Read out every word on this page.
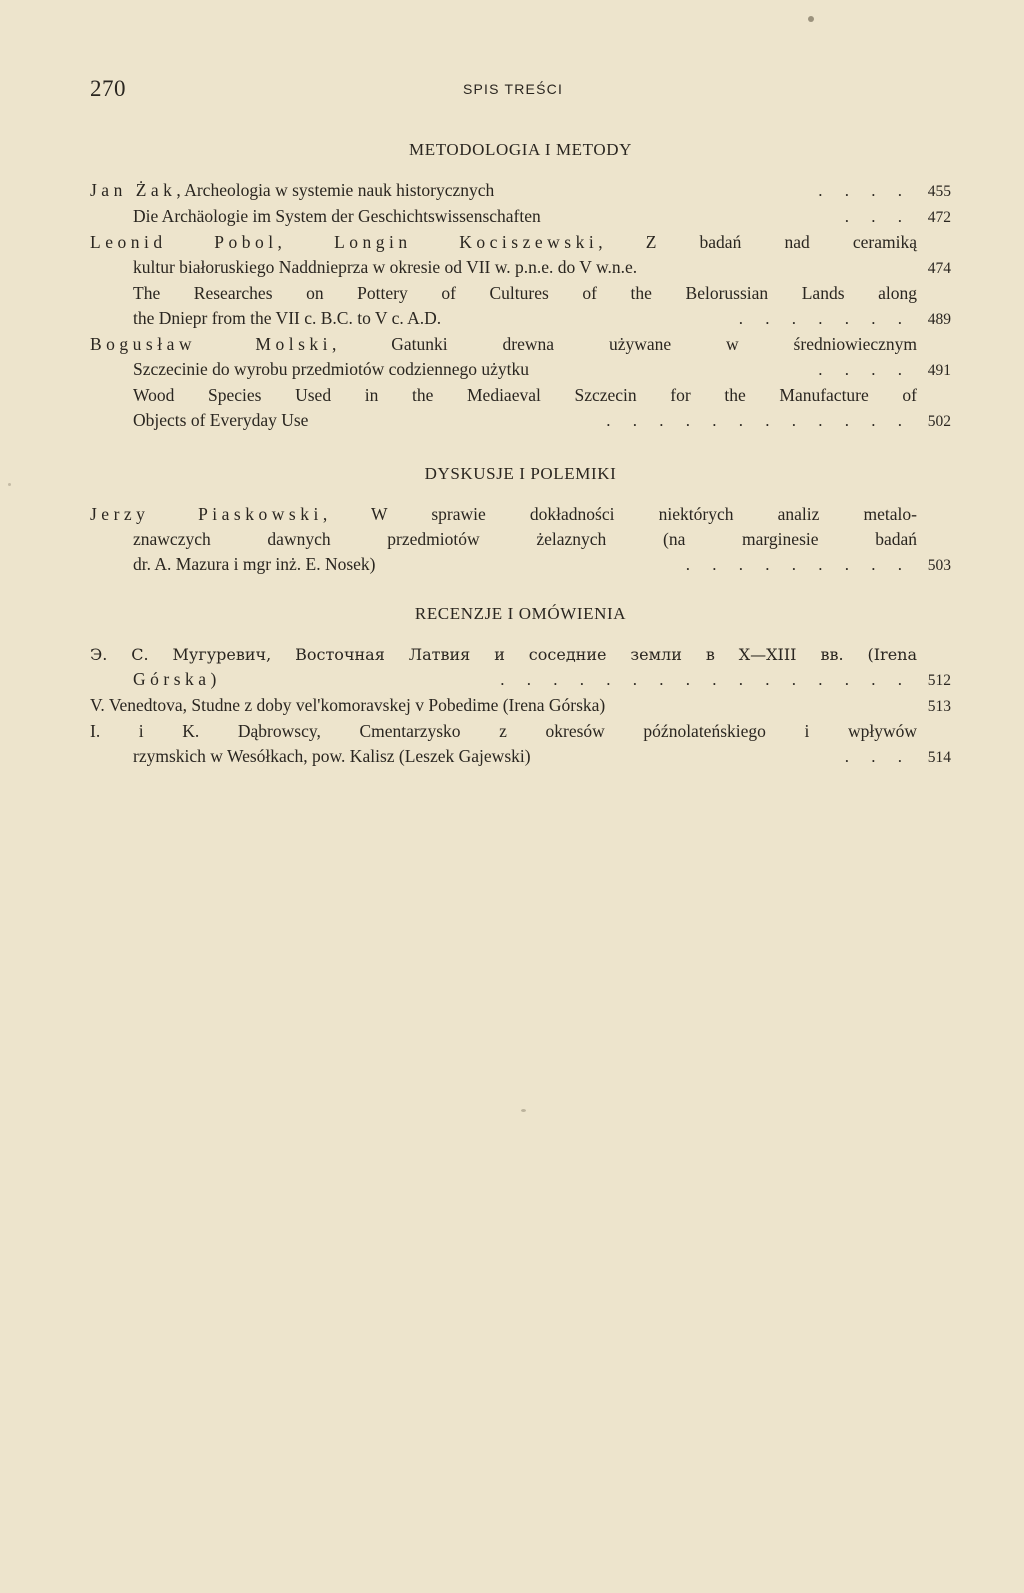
270	SPIS TREŚCI
METODOLOGIA I METODY
Jan Żak, Archeologia w systemie nauk historycznych	. . . .	455
Die Archäologie im System der Geschichtswissenschaften	. . .	472
Leonid Pobol, Longin Kociszewski, Z badań nad ceramiką
kultur białoruskiego Naddnieprza w okresie od VII w. p.n.e. do V w.n.e.	474
The Researches on Pottery of Cultures of the Belorussian Lands along
the Dniepr from the VII c. B.C. to V c. A.D.	. . . . . . .	489
Bogusław Molski, Gatunki drewna używane w średniowiecznym
Szczecinie do wyrobu przedmiotów codziennego użytku	. . . .	491
Wood Species Used in the Mediaeval Szczecin for the Manufacture of
Objects of Everyday Use	. . . . . . . . . . . .	502
DYSKUSJE I POLEMIKI
Jerzy Piaskowski, W sprawie dokładności niektórych analiz metalo-
znawczych dawnych przedmiotów żelaznych (na marginesie badań
dr. A. Mazura i mgr inż. E. Nosek)	. . . . . . . . .	503
RECENZJE I OMÓWIENIA
Э. С. Мугуревич, Восточная Латвия и соседние земли в X—XIII вв. (Irena
Górska)	. . . . . . . . . . . . . . . .	512
V. Venedtova, Studne z doby vel'komoravskej v Pobedime (Irena Górska)	513
I. i K. Dąbrowscy, Cmentarzysko z okresów późnolateńskiego i wpływów
rzymskich w Wesółkach, pow. Kalisz (Leszek Gajewski)	. . .	514
